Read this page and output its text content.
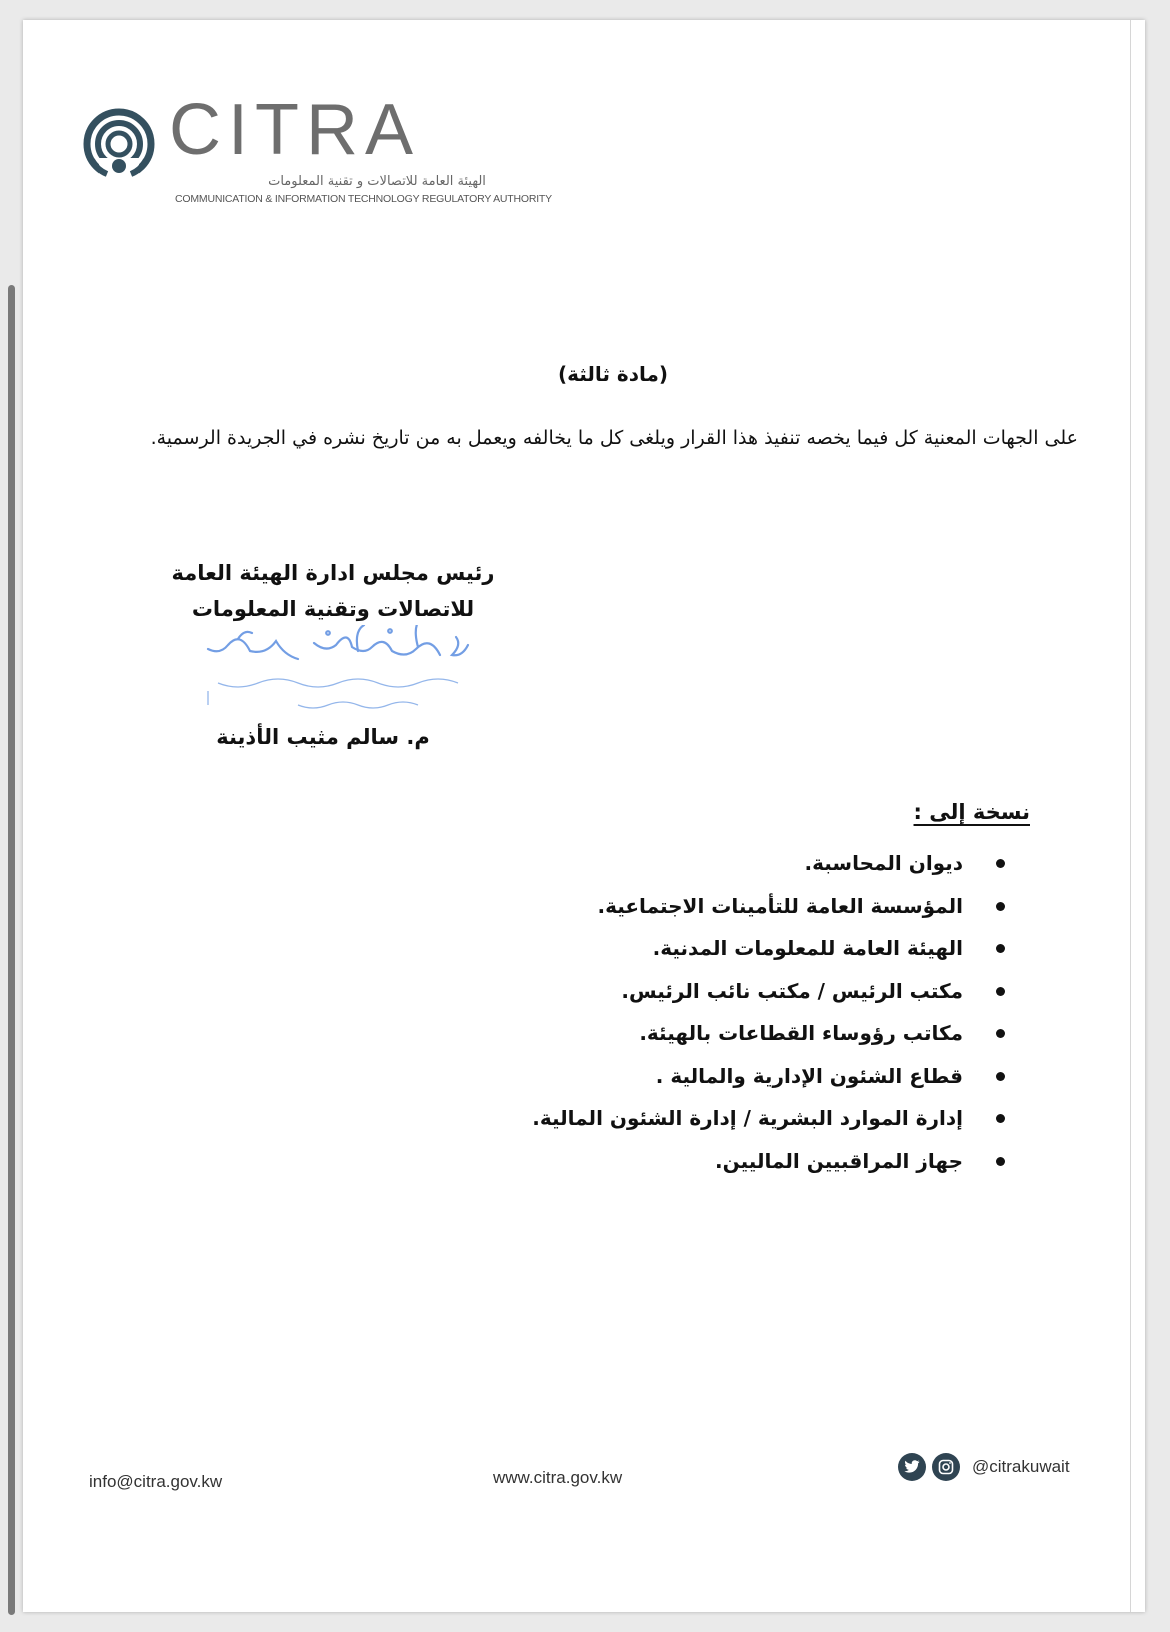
CITRA
الهيئة العامة للاتصالات و تقنية المعلومات
COMMUNICATION & INFORMATION TECHNOLOGY REGULATORY AUTHORITY
(مادة ثالثة)
على الجهات المعنية كل فيما يخصه تنفيذ هذا القرار ويلغى كل ما يخالفه ويعمل به من تاريخ نشره في الجريدة الرسمية.
رئيس مجلس ادارة الهيئة العامة
للاتصالات وتقنية المعلومات
م. سالم مثيب الأذينة
نسخة إلى :
ديوان المحاسبة.
المؤسسة العامة للتأمينات الاجتماعية.
الهيئة العامة للمعلومات المدنية.
مكتب الرئيس / مكتب نائب الرئيس.
مكاتب رؤوساء القطاعات بالهيئة.
قطاع الشئون الإدارية والمالية .
إدارة الموارد البشرية / إدارة الشئون المالية.
جهاز المراقبيين الماليين.
info@citra.gov.kw	www.citra.gov.kw
@citrakuwait
